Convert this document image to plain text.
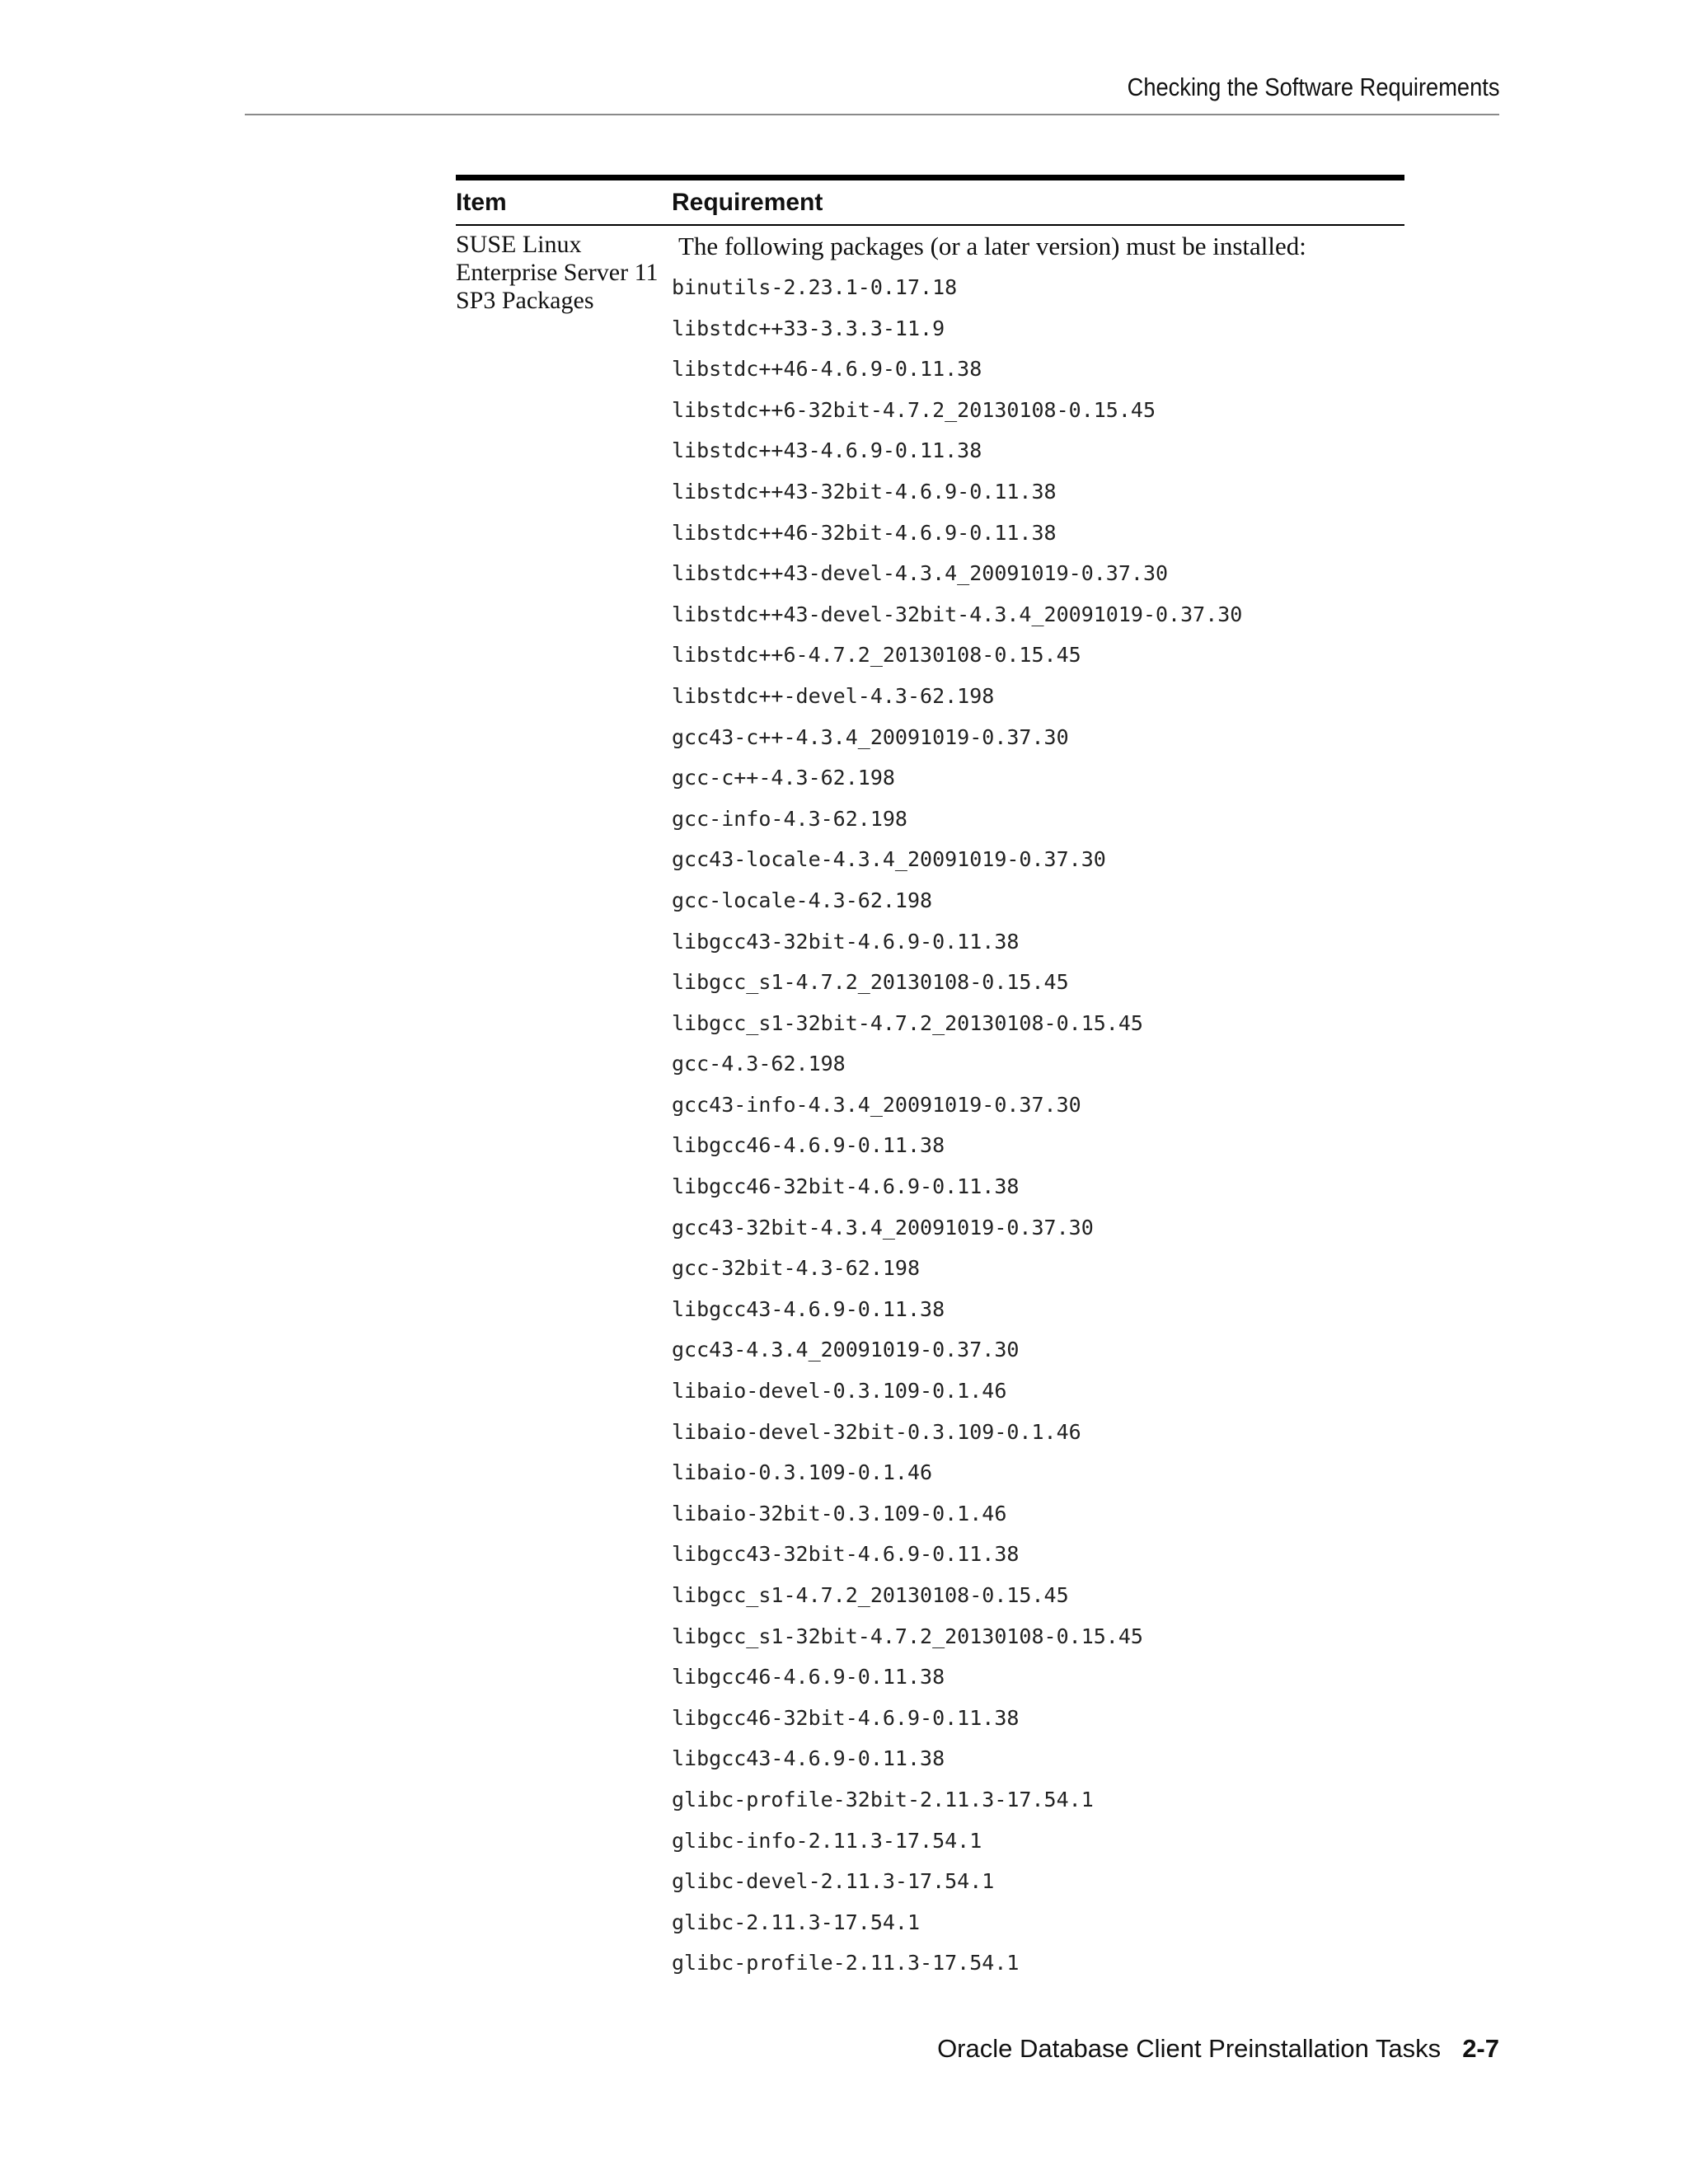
Checking the Software Requirements
Item	Requirement
SUSE Linux Enterprise Server 11 SP3 Packages
The following packages (or a later version) must be installed:
binutils-2.23.1-0.17.18
libstdc++33-3.3.3-11.9
libstdc++46-4.6.9-0.11.38
libstdc++6-32bit-4.7.2_20130108-0.15.45
libstdc++43-4.6.9-0.11.38
libstdc++43-32bit-4.6.9-0.11.38
libstdc++46-32bit-4.6.9-0.11.38
libstdc++43-devel-4.3.4_20091019-0.37.30
libstdc++43-devel-32bit-4.3.4_20091019-0.37.30
libstdc++6-4.7.2_20130108-0.15.45
libstdc++-devel-4.3-62.198
gcc43-c++-4.3.4_20091019-0.37.30
gcc-c++-4.3-62.198
gcc-info-4.3-62.198
gcc43-locale-4.3.4_20091019-0.37.30
gcc-locale-4.3-62.198
libgcc43-32bit-4.6.9-0.11.38
libgcc_s1-4.7.2_20130108-0.15.45
libgcc_s1-32bit-4.7.2_20130108-0.15.45
gcc-4.3-62.198
gcc43-info-4.3.4_20091019-0.37.30
libgcc46-4.6.9-0.11.38
libgcc46-32bit-4.6.9-0.11.38
gcc43-32bit-4.3.4_20091019-0.37.30
gcc-32bit-4.3-62.198
libgcc43-4.6.9-0.11.38
gcc43-4.3.4_20091019-0.37.30
libaio-devel-0.3.109-0.1.46
libaio-devel-32bit-0.3.109-0.1.46
libaio-0.3.109-0.1.46
libaio-32bit-0.3.109-0.1.46
libgcc43-32bit-4.6.9-0.11.38
libgcc_s1-4.7.2_20130108-0.15.45
libgcc_s1-32bit-4.7.2_20130108-0.15.45
libgcc46-4.6.9-0.11.38
libgcc46-32bit-4.6.9-0.11.38
libgcc43-4.6.9-0.11.38
glibc-profile-32bit-2.11.3-17.54.1
glibc-info-2.11.3-17.54.1
glibc-devel-2.11.3-17.54.1
glibc-2.11.3-17.54.1
glibc-profile-2.11.3-17.54.1
Oracle Database Client Preinstallation Tasks 2-7
